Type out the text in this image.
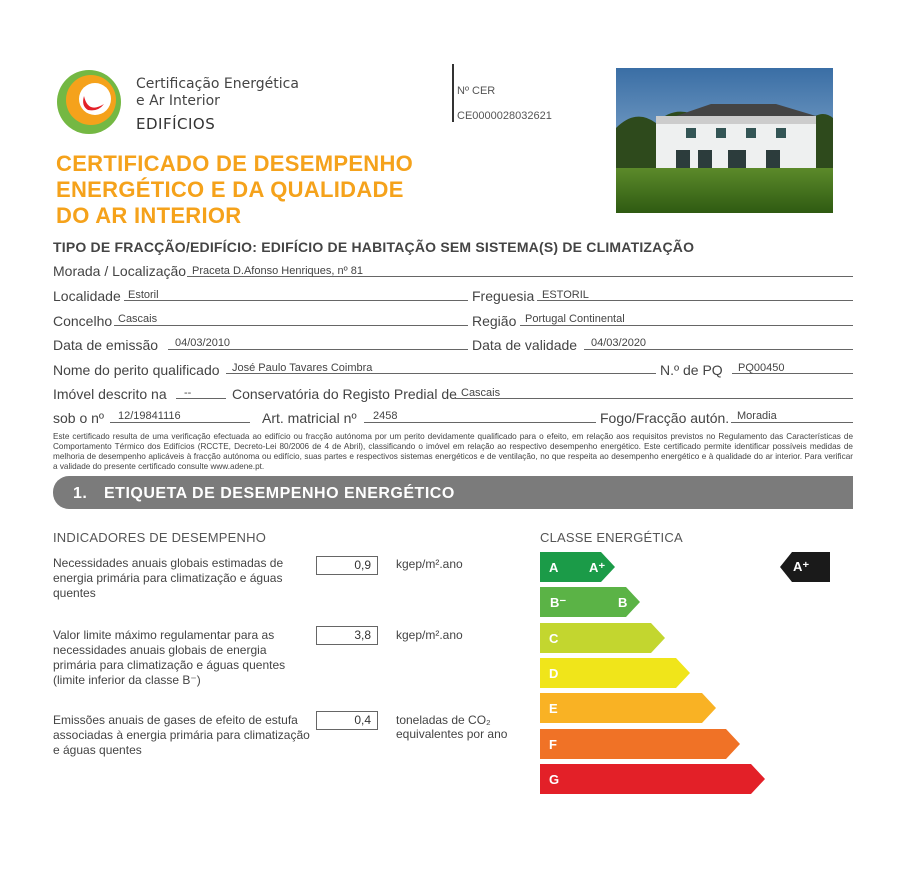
Certificação Energética
e Ar Interior
EDIFÍCIOS
Nº CER
CE0000028032621
CERTIFICADO DE DESEMPENHO
ENERGÉTICO E DA QUALIDADE
DO AR INTERIOR
TIPO DE FRACÇÃO/EDIFÍCIO: EDIFÍCIO DE HABITAÇÃO SEM SISTEMA(S) DE CLIMATIZAÇÃO
Morada / Localização Praceta D.Afonso Henriques, nº 81
Localidade Estoril	Freguesia ESTORIL
Concelho Cascais	Região Portugal Continental
Data de emissão 04/03/2010	Data de validade 04/03/2020
Nome do perito qualificado José Paulo Tavares Coimbra	N.º de PQ PQ00450
Imóvel descrito na --	Conservatória do Registo Predial de Cascais
sob o nº 12/19841116	Art. matricial nº 2458	Fogo/Fracção autón. Moradia
Este certificado resulta de uma verificação efectuada ao edifício ou fracção autónoma por um perito devidamente qualificado para o efeito, em relação aos requisitos previstos no Regulamento das Características de Comportamento Térmico dos Edifícios (RCCTE, Decreto-Lei 80/2006 de 4 de Abril), classificando o imóvel em relação ao respectivo desempenho energético. Este certificado permite identificar possíveis medidas de melhoria de desempenho aplicáveis à fracção autónoma ou edifício, suas partes e respectivos sistemas energéticos e de ventilação, no que respeita ao desempenho energético e à qualidade do ar interior. Para verificar a validade do presente certificado consulte www.adene.pt.
1. ETIQUETA DE DESEMPENHO ENERGÉTICO
INDICADORES DE DESEMPENHO
Necessidades anuais globais estimadas de energia primária para climatização e águas quentes
0,9	kgep/m².ano
Valor limite máximo regulamentar para as necessidades anuais globais de energia primária para climatização e águas quentes (limite inferior da classe B⁻)
3,8	kgep/m².ano
Emissões anuais de gases de efeito de estufa associadas à energia primária para climatização e águas quentes
0,4	toneladas de CO₂ equivalentes por ano
CLASSE ENERGÉTICA
A A⁺
B⁻	B
C
D
E
F
G
A⁺
